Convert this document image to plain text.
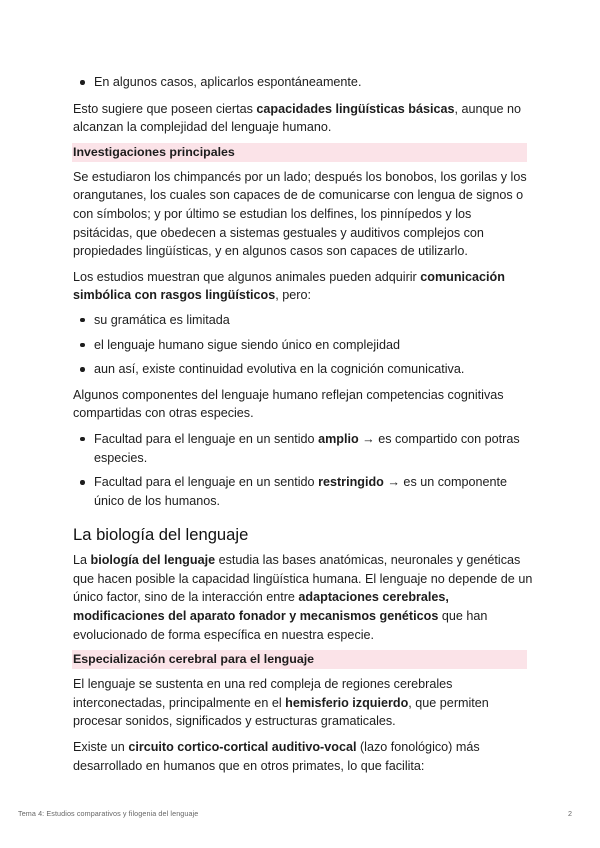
En algunos casos, aplicarlos espontáneamente.

Esto sugiere que poseen ciertas capacidades lingüísticas básicas, aunque no alcanzan la complejidad del lenguaje humano.

Investigaciones principales

Se estudiaron los chimpancés por un lado; después los bonobos, los gorilas y los orangutanes, los cuales son capaces de de comunicarse con lengua de signos o con símbolos; y por último se estudian los delfines, los pinnípedos y los psitácidas, que obedecen a sistemas gestuales y auditivos complejos con propiedades lingüísticas, y en algunos casos son capaces de utilizarlo.

Los estudios muestran que algunos animales pueden adquirir comunicación simbólica con rasgos lingüísticos, pero:

su gramática es limitada
el lenguaje humano sigue siendo único en complejidad
aun así, existe continuidad evolutiva en la cognición comunicativa.

Algunos componentes del lenguaje humano reflejan competencias cognitivas compartidas con otras especies.

Facultad para el lenguaje en un sentido amplio → es compartido con potras especies.
Facultad para el lenguaje en un sentido restringido → es un componente único de los humanos.
La biología del lenguaje

La biología del lenguaje estudia las bases anatómicas, neuronales y genéticas que hacen posible la capacidad lingüística humana. El lenguaje no depende de un único factor, sino de la interacción entre adaptaciones cerebrales, modificaciones del aparato fonador y mecanismos genéticos que han evolucionado de forma específica en nuestra especie.

Especialización cerebral para el lenguaje

El lenguaje se sustenta en una red compleja de regiones cerebrales interconectadas, principalmente en el hemisferio izquierdo, que permiten procesar sonidos, significados y estructuras gramaticales.

Existe un circuito cortico-cortical auditivo-vocal (lazo fonológico) más desarrollado en humanos que en otros primates, lo que facilita:

Tema 4: Estudios comparativos y filogenia del lenguaje	2
